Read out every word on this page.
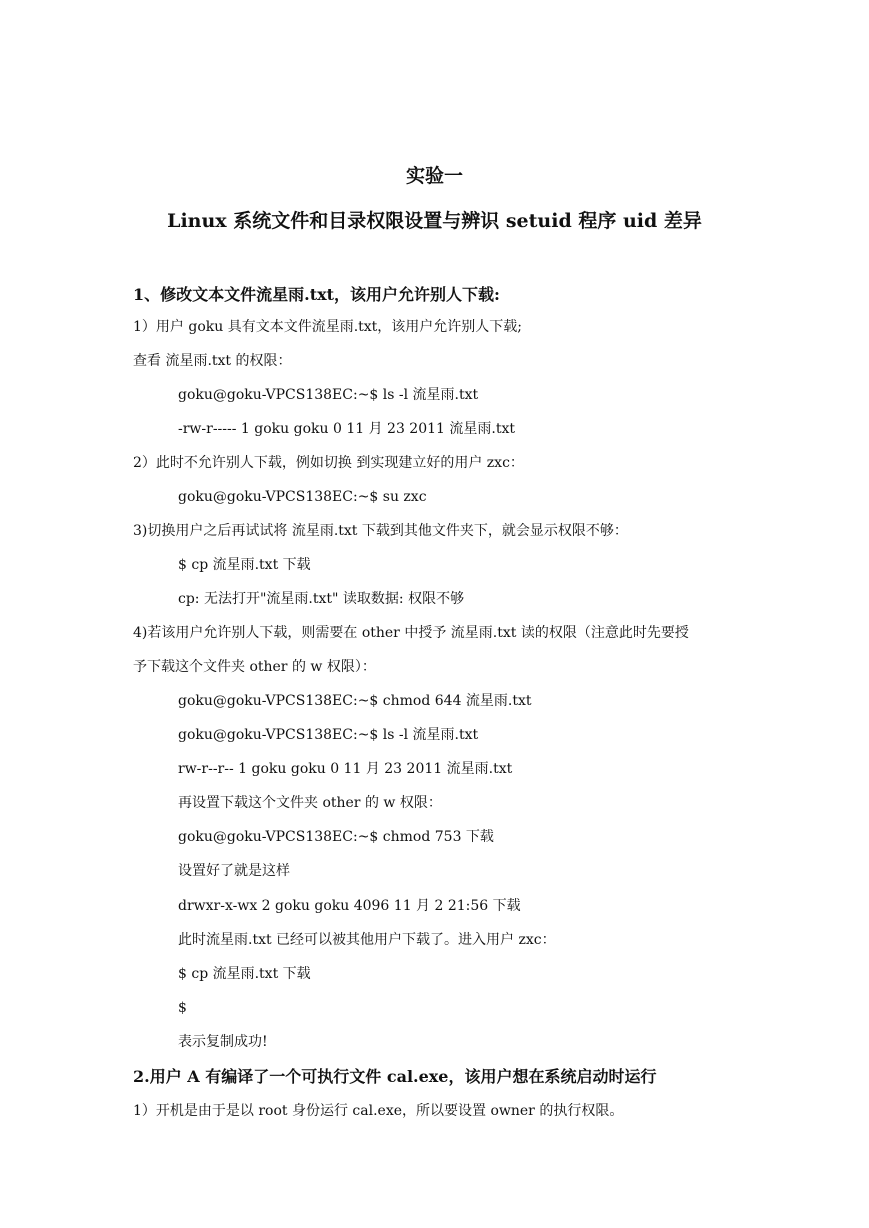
实验一
Linux 系统文件和目录权限设置与辨识 setuid 程序 uid 差异
1、修改文本文件流星雨.txt，该用户允许别人下载:
1）用户 goku 具有文本文件流星雨.txt，该用户允许别人下载;
查看 流星雨.txt 的权限：
goku@goku-VPCS138EC:~$ ls -l 流星雨.txt
-rw-r----- 1 goku goku 0 11 月 23 2011 流星雨.txt
2）此时不允许别人下载，例如切换 到实现建立好的用户 zxc：
goku@goku-VPCS138EC:~$ su zxc
3)切换用户之后再试试将 流星雨.txt 下载到其他文件夹下，就会显示权限不够：
$ cp 流星雨.txt 下载
cp: 无法打开"流星雨.txt" 读取数据: 权限不够
4)若该用户允许别人下载，则需要在 other 中授予 流星雨.txt 读的权限（注意此时先要授
予下载这个文件夹 other 的 w 权限）：
goku@goku-VPCS138EC:~$ chmod 644 流星雨.txt
goku@goku-VPCS138EC:~$ ls -l 流星雨.txt
rw-r--r-- 1 goku goku 0 11 月 23 2011 流星雨.txt
再设置下载这个文件夹 other 的 w 权限：
goku@goku-VPCS138EC:~$ chmod 753 下载
设置好了就是这样
drwxr-x-wx 2 goku goku 4096 11 月 2 21:56 下载
此时流星雨.txt 已经可以被其他用户下载了。进入用户 zxc：
$ cp 流星雨.txt 下载
$
表示复制成功!
2.用户 A 有编译了一个可执行文件 cal.exe，该用户想在系统启动时运行
1）开机是由于是以 root 身份运行 cal.exe，所以要设置 owner 的执行权限。
